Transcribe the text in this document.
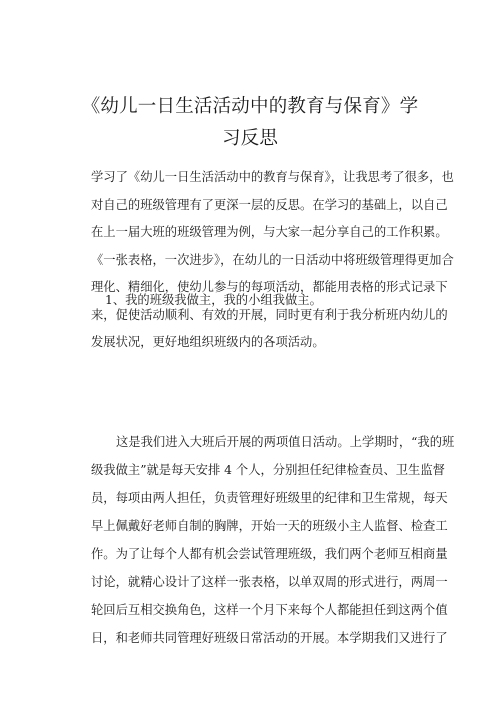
《幼儿一日生活活动中的教育与保育》学
习反思
学习了《幼儿一日生活活动中的教育与保育》，让我思考了很多，也
对自己的班级管理有了更深一层的反思。在学习的基础上，以自己
在上一届大班的班级管理为例，与大家一起分享自己的工作积累。
《一张表格，一次进步》，在幼儿的一日活动中将班级管理得更加合
理化、精细化，使幼儿参与的每项活动，都能用表格的形式记录下
来，促使活动顺利、有效的开展，同时更有利于我分析班内幼儿的
发展状况，更好地组织班级内的各项活动。

1、我的班级我做主，我的小组我做主。

这是我们进入大班后开展的两项值日活动。上学期时，“我的班
级我做主”就是每天安排 4 个人，分别担任纪律检查员、卫生监督
员，每项由两人担任，负责管理好班级里的纪律和卫生常规，每天
早上佩戴好老师自制的胸牌，开始一天的班级小主人监督、检查工
作。为了让每个人都有机会尝试管理班级，我们两个老师互相商量
讨论，就精心设计了这样一张表格，以单双周的形式进行，两周一
轮回后互相交换角色，这样一个月下来每个人都能担任到这两个值
日，和老师共同管理好班级日常活动的开展。本学期我们又进行了
